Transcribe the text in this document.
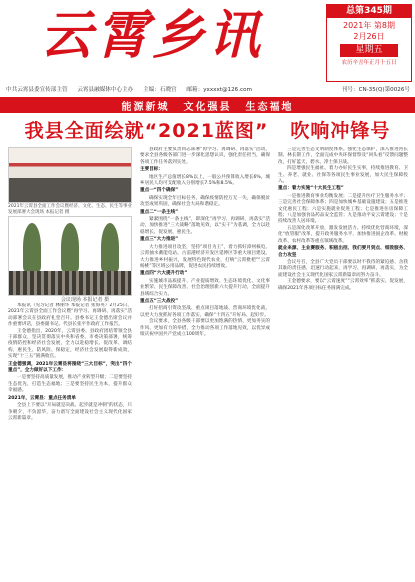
云霄乡讯	总第345期
2021年 第8期
2月26日
星期五
农历辛丑年正月十五日
中共云霄县委宣传部主管 云霄县融媒体中心主办 主编：石晓宫 邮箱：yxxxxt@126.com	刊号：CN-35(Q)第0026号
能源新城 文化强县 生态福地
我县全面绘就“2021蓝图” 吹响冲锋号
2021年云霄县全面工作会议暨经济、文化、生态、民生等事业发展部署大会现场 本报记者 摄
会议现场 本报记者 摄

本报讯（见习记者 林丽华 本报记者 张海英）2月25日，2021年云霄县全面工作会议暨“再学习、再调研、再落实”活动部署会议在县政府礼堂召开。县委书记王金德出席会议并作重要讲话，县委副书记、代县长张平作政府工作报告。

王金德指出，2020年，云霄县委、县政府团结带领全县干部群众，坚决贯彻落实中央和省委、市委决策部署，统筹疫情防控和经济社会发展，全力以赴稳增长、促改革、调结构、惠民生、防风险、保稳定，经济社会发展取得新成效，实现“十三五”圆满收官。

王金德强调，2021年云霄县将围绕“三大目标”，突出“四个重点”，全力做好以下工作：

一是要坚持高质量发展，推动产业转型升级；二是要坚持生态优先，打造生态福地；三是要坚持民生为本，提升群众幸福感。

2021年，云霄县：重点任务清单

全县上下要以“开局就是决战、起步就是冲刺”的状态，只争朝夕，不负韶华，奋力谱写全面建设社会主义现代化国家云霄新篇章。

县政府主要负责同志部署“再学习、再调研、再落实”活动，要求全县各级各部门进一步深化思想认识，强化责任担当，确保各项工作任务落到实处。

主要目标：

地区生产总值增长8%以上，一般公共预算收入增长6%，城乡居民人均可支配收入分别增长7.5%和8.5%。

重点一“四个确保”

确保实现全年目标任务，确保疫情防控万无一失，确保脱贫攻坚成果巩固，确保社会大局和谐稳定。

重点二“一条主线”

紧紧围绕“一条主线”，即深化“再学习、再调研、再落实”活动，加快推进“三大战略”落地见效，以“实干”为基调，全力以赴稳增长、促发展、惠民生。

重点三“大力推进”

大力推进项目攻坚，坚持“项目为王”，着力抓好漳州核电、云霄抽水蓄能电站、古雷港经济开发区延伸区等重大项目建设。大力推进乡村振兴，发展特色现代农业，打响“云霄枇杷”“云霄杨桃”等区域公用品牌，促进农民持续增收。

重点四“六大提升行动”

实施城市品质提升、产业提质增效、生态环境优化、文化事业繁荣、民生保障改善、社会治理创新六大提升行动，全面提升县域综合实力。

重点五“三大战役”

打好招商引资攻坚战、重点项目落地战、营商环境优化战，以更大力度抓好各项工作落实，确保“十四五”开好局、起好步。

会议要求，全县各级干部要以更加饱满的热情、更加务实的作风、更加有力的举措，全力推动各项工作落地见效，以优异成绩庆祝中国共产党成立100周年。

三是完善生态文明制度体系。强化生态保护，深入推进河长制、林长制工作，全面完成中央环保督察及“回头看”反馈问题整改，打好蓝天、碧水、净土保卫战。

四是增强民生福祉。着力办好民生实事，持续推进教育、卫生、养老、就业、社保等各项民生事业发展，加大民生保障投入。

重点：着力实施“十大民生工程”

一是推进教育事业均衡发展；二是提升医疗卫生服务水平；三是完善社会保障体系；四是加快城乡基础设施建设；五是推进文化惠民工程；六是实施就业促进工程；七是推进住房保障工程；八是加强食品药品安全监管；九是推动平安云霄建设；十是持续改善人居环境。

五是深化改革开放，激发发展活力。持续优化营商环境，深化“放管服”改革，提升政务服务水平，加快推进国企改革、财税改革、农村改革等重点领域改革。

就业来源、主业赛服务、积极出招、我们要月到点、细致服务、合力攻坚

会议号召，全县广大党员干部要以时不我待的紧迫感、舍我其谁的责任感，迅速行动起来，再学习、再调研、再落实，为全面建设社会主义现代化国家云霄新篇章而努力奋斗。

王金德要求，要以“云霄速度”“云霄效率”抓落实、促发展，确保2021年各项目标任务圆满完成。
